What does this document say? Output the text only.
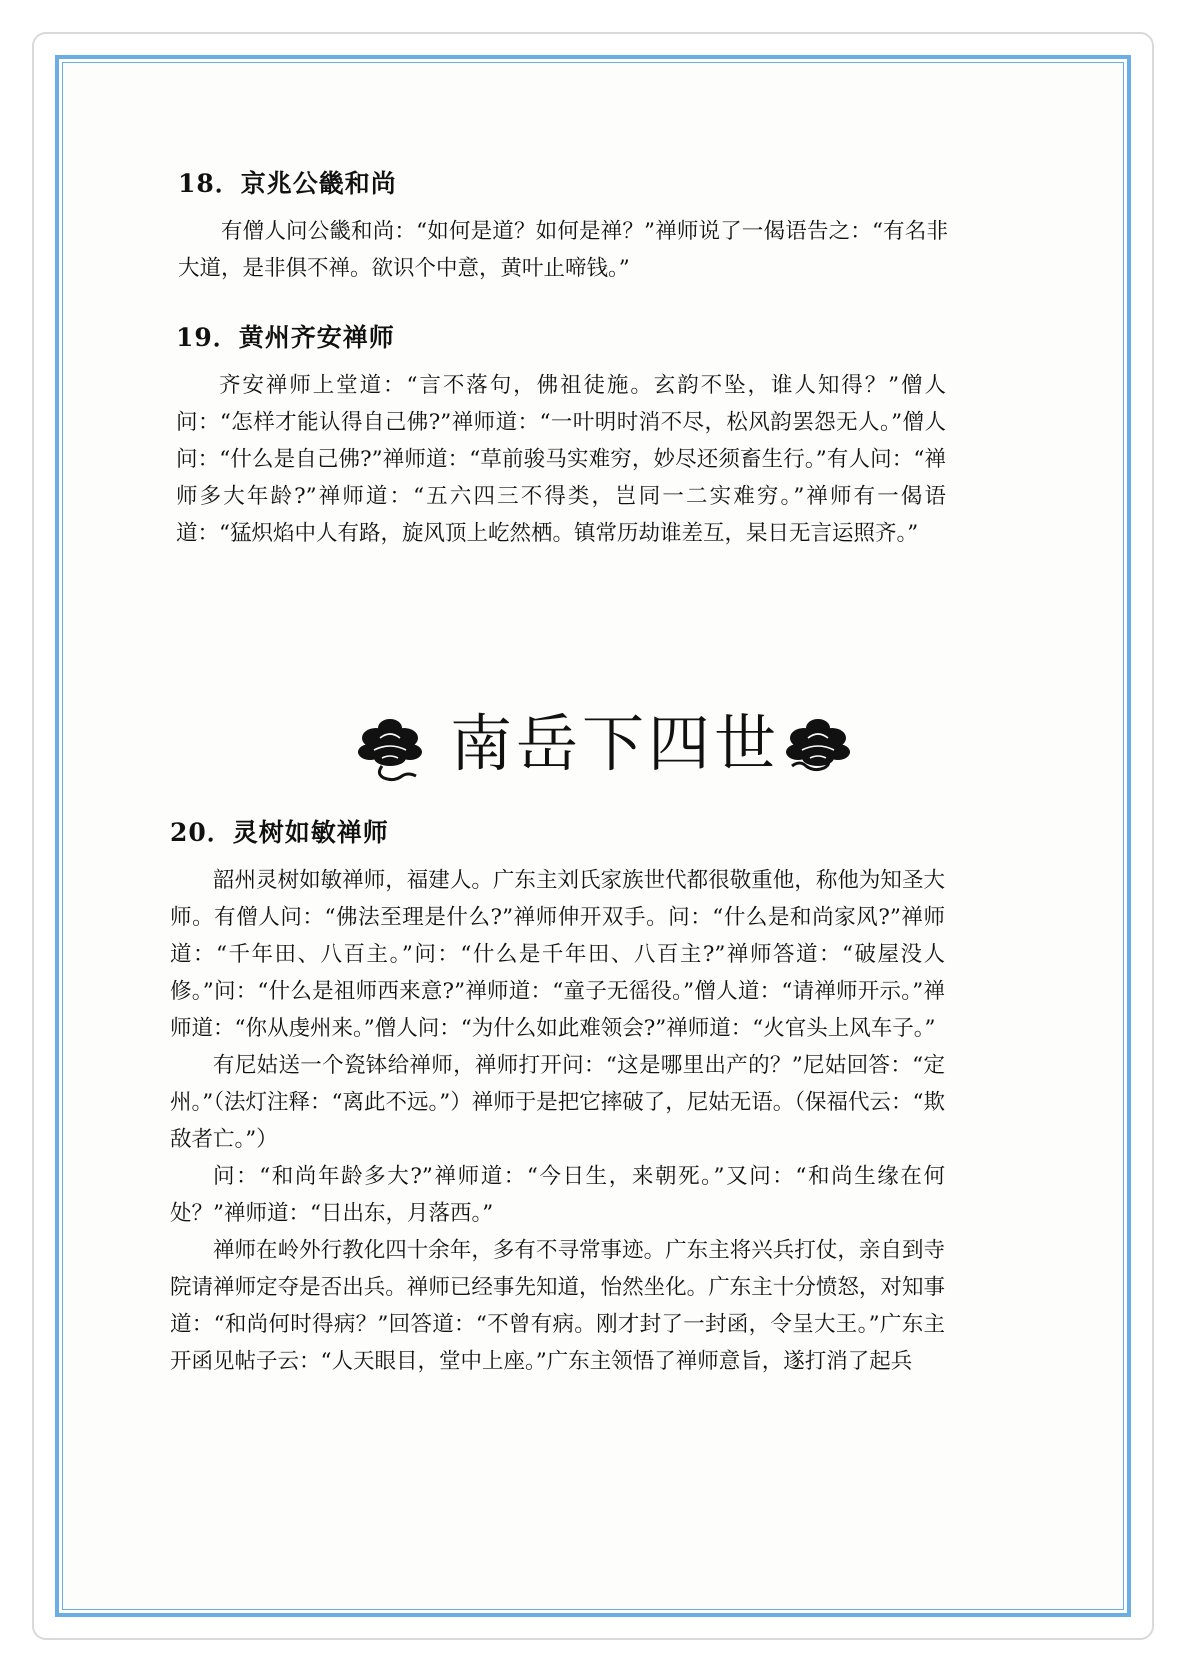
18．京兆公畿和尚
有僧人问公畿和尚：“如何是道？如何是禅？”禅师说了一偈语告之：“有名非大道，是非俱不禅。欲识个中意，黄叶止啼钱。”
19．黄州齐安禅师
齐安禅师上堂道：“言不落句，佛祖徒施。玄韵不坠，谁人知得？”僧人问：“怎样才能认得自己佛?”禅师道：“一叶明时消不尽，松风韵罢怨无人。”僧人问：“什么是自己佛?”禅师道：“草前骏马实难穷，妙尽还须畜生行。”有人问：“禅师多大年龄?”禅师道：“五六四三不得类，岂同一二实难穷。”禅师有一偈语道：“猛炽焰中人有路，旋风顶上屹然栖。镇常历劫谁差互，杲日无言运照齐。”
南岳下四世
20．灵树如敏禅师
韶州灵树如敏禅师，福建人。广东主刘氏家族世代都很敬重他，称他为知圣大师。有僧人问：“佛法至理是什么?”禅师伸开双手。问：“什么是和尚家风?”禅师道：“千年田、八百主。”问：“什么是千年田、八百主?”禅师答道：“破屋没人修。”问：“什么是祖师西来意?”禅师道：“童子无徭役。”僧人道：“请禅师开示。”禅师道：“你从虔州来。”僧人问：“为什么如此难领会?”禅师道：“火官头上风车子。”
有尼姑送一个瓷钵给禅师，禅师打开问：“这是哪里出产的？”尼姑回答：“定州。”（法灯注释：“离此不远。”）禅师于是把它摔破了，尼姑无语。（保福代云：“欺敌者亡。”）
问：“和尚年龄多大?”禅师道：“今日生，来朝死。”又问：“和尚生缘在何处？”禅师道：“日出东，月落西。”
禅师在岭外行教化四十余年，多有不寻常事迹。广东主将兴兵打仗，亲自到寺院请禅师定夺是否出兵。禅师已经事先知道，怡然坐化。广东主十分愤怒，对知事道：“和尚何时得病？”回答道：“不曾有病。刚才封了一封函，令呈大王。”广东主开函见帖子云：“人天眼目，堂中上座。”广东主领悟了禅师意旨，遂打消了起兵
